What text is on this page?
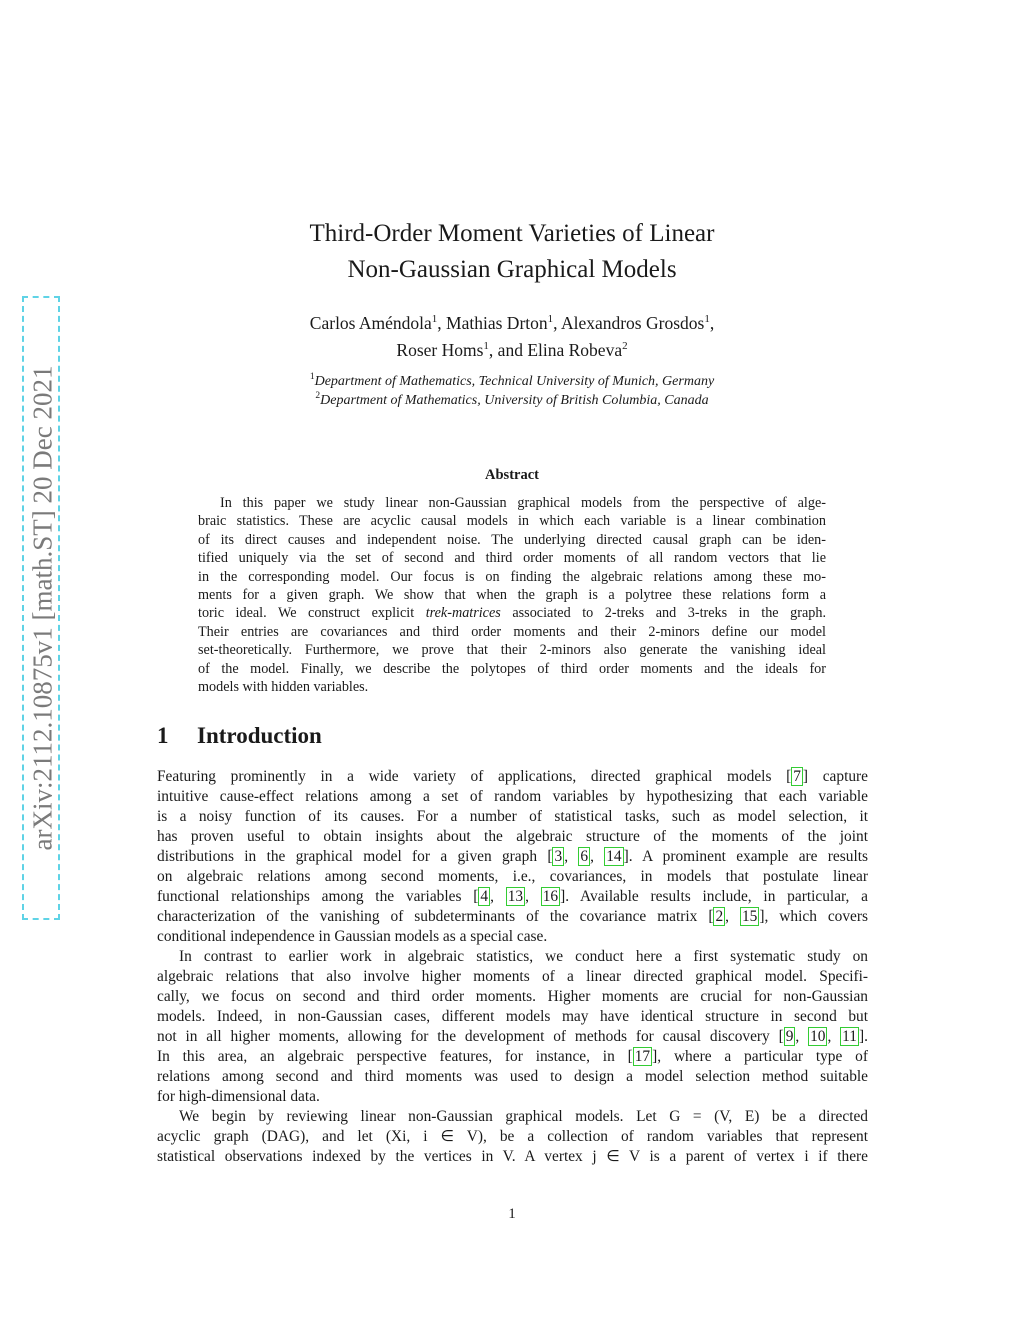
arXiv:2112.10875v1 [math.ST] 20 Dec 2021
Third-Order Moment Varieties of Linear
Non-Gaussian Graphical Models
Carlos Améndola$^1$, Mathias Drton$^1$, Alexandros Grosdos$^1$,
Roser Homs$^1$, and Elina Robeva$^2$
$^1$Department of Mathematics, Technical University of Munich, Germany
$^2$Department of Mathematics, University of British Columbia, Canada
Abstract
In this paper we study linear non-Gaussian graphical models from the perspective of alge-
braic statistics. These are acyclic causal models in which each variable is a linear combination
of its direct causes and independent noise. The underlying directed causal graph can be iden-
tified uniquely via the set of second and third order moments of all random vectors that lie
in the corresponding model. Our focus is on finding the algebraic relations among these mo-
ments for a given graph. We show that when the graph is a polytree these relations form a
toric ideal. We construct explicit trek-matrices associated to 2-treks and 3-treks in the graph.
Their entries are covariances and third order moments and their 2-minors define our model
set-theoretically. Furthermore, we prove that their 2-minors also generate the vanishing ideal
of the model. Finally, we describe the polytopes of third order moments and the ideals for
models with hidden variables.
1 Introduction
Featuring prominently in a wide variety of applications, directed graphical models [ 7 ] capture
intuitive cause-effect relations among a set of random variables by hypothesizing that each variable
is a noisy function of its causes. For a number of statistical tasks, such as model selection, it
has proven useful to obtain insights about the algebraic structure of the moments of the joint
distributions in the graphical model for a given graph [ 3 , 6 , 14 ]. A prominent example are results
on algebraic relations among second moments, i.e., covariances, in models that postulate linear
functional relationships among the variables [ 4 , 13 , 16 ]. Available results include, in particular, a
characterization of the vanishing of subdeterminants of the covariance matrix [ 2 , 15 ], which covers
conditional independence in Gaussian models as a special case.
In contrast to earlier work in algebraic statistics, we conduct here a first systematic study on
algebraic relations that also involve higher moments of a linear directed graphical model. Specifi-
cally, we focus on second and third order moments. Higher moments are crucial for non-Gaussian
models. Indeed, in non-Gaussian cases, different models may have identical structure in second but
not in all higher moments, allowing for the development of methods for causal discovery [ 9 , 10 , 11 ].
In this area, an algebraic perspective features, for instance, in [ 17 ], where a particular type of
relations among second and third moments was used to design a model selection method suitable
for high-dimensional data.
We begin by reviewing linear non-Gaussian graphical models. Let G = (V, E) be a directed
acyclic graph (DAG), and let (Xi, i ∈ V), be a collection of random variables that represent
statistical observations indexed by the vertices in V. A vertex j ∈ V is a parent of vertex i if there
1
